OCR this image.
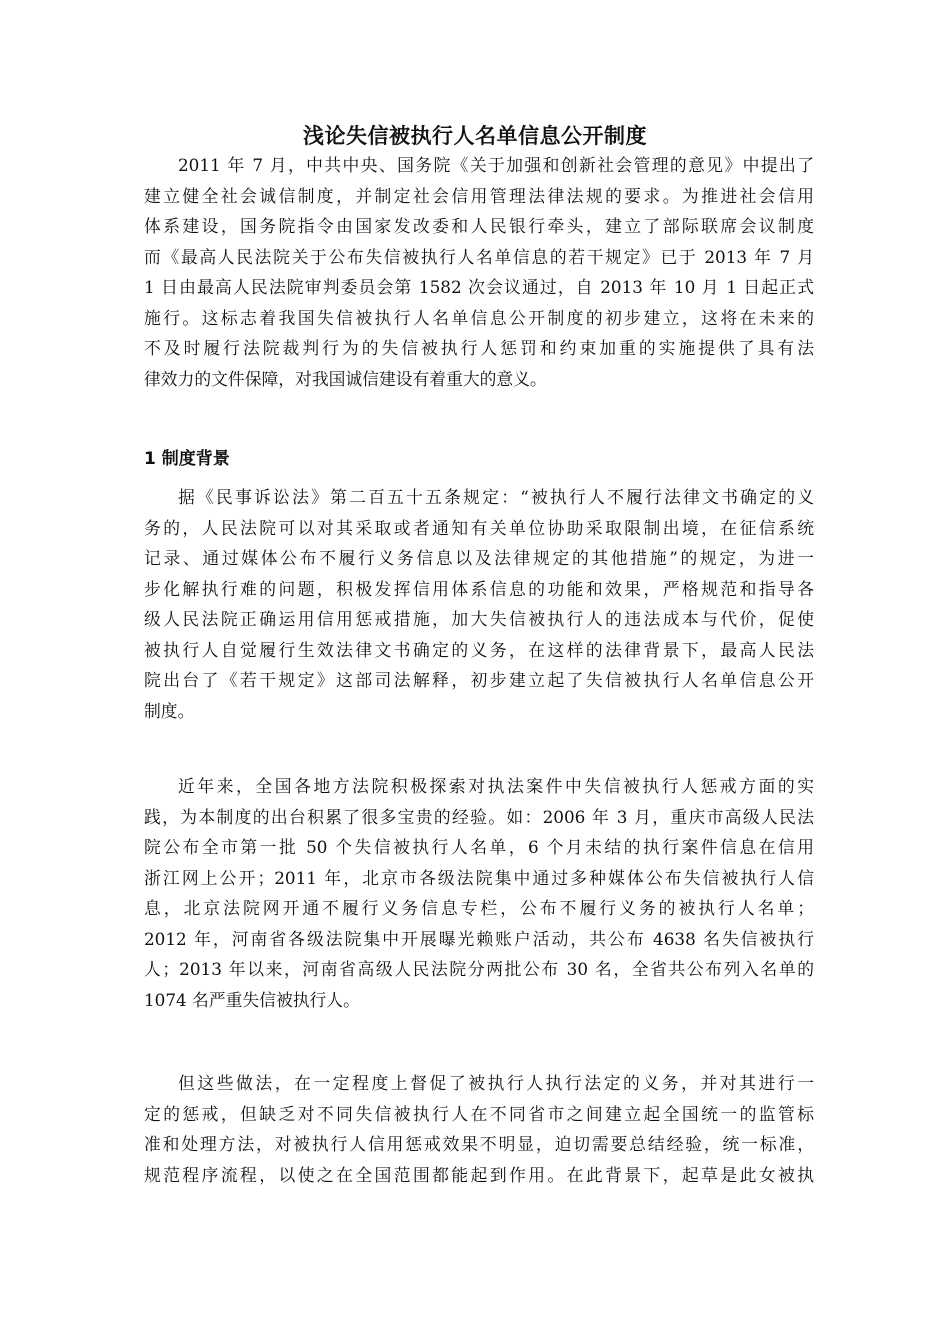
浅论失信被执行人名单信息公开制度
2011 年 7 月，中共中央、国务院《关于加强和创新社会管理的意见》中提出了
建立健全社会诚信制度，并制定社会信用管理法律法规的要求。为推进社会信用
体系建设，国务院指令由国家发改委和人民银行牵头，建立了部际联席会议制度
而《最高人民法院关于公布失信被执行人名单信息的若干规定》已于 2013 年 7 月
1 日由最高人民法院审判委员会第 1582 次会议通过，自 2013 年 10 月 1 日起正式
施行。这标志着我国失信被执行人名单信息公开制度的初步建立，这将在未来的
不及时履行法院裁判行为的失信被执行人惩罚和约束加重的实施提供了具有法
律效力的文件保障，对我国诚信建设有着重大的意义。
1 制度背景
据《民事诉讼法》第二百五十五条规定：“被执行人不履行法律文书确定的义
务的，人民法院可以对其采取或者通知有关单位协助采取限制出境，在征信系统
记录、通过媒体公布不履行义务信息以及法律规定的其他措施”的规定，为进一
步化解执行难的问题，积极发挥信用体系信息的功能和效果，严格规范和指导各
级人民法院正确运用信用惩戒措施，加大失信被执行人的违法成本与代价，促使
被执行人自觉履行生效法律文书确定的义务，在这样的法律背景下，最高人民法
院出台了《若干规定》这部司法解释，初步建立起了失信被执行人名单信息公开
制度。
近年来，全国各地方法院积极探索对执法案件中失信被执行人惩戒方面的实
践，为本制度的出台积累了很多宝贵的经验。如：2006 年 3 月，重庆市高级人民法
院公布全市第一批 50 个失信被执行人名单，6 个月未结的执行案件信息在信用
浙江网上公开；2011 年，北京市各级法院集中通过多种媒体公布失信被执行人信
息，北京法院网开通不履行义务信息专栏，公布不履行义务的被执行人名单；
2012 年，河南省各级法院集中开展曝光赖账户活动，共公布 4638 名失信被执行
人；2013 年以来，河南省高级人民法院分两批公布 30 名，全省共公布列入名单的
1074 名严重失信被执行人。
但这些做法，在一定程度上督促了被执行人执行法定的义务，并对其进行一
定的惩戒，但缺乏对不同失信被执行人在不同省市之间建立起全国统一的监管标
准和处理方法，对被执行人信用惩戒效果不明显，迫切需要总结经验，统一标准，
规范程序流程，以使之在全国范围都能起到作用。在此背景下，起草是此女被执
